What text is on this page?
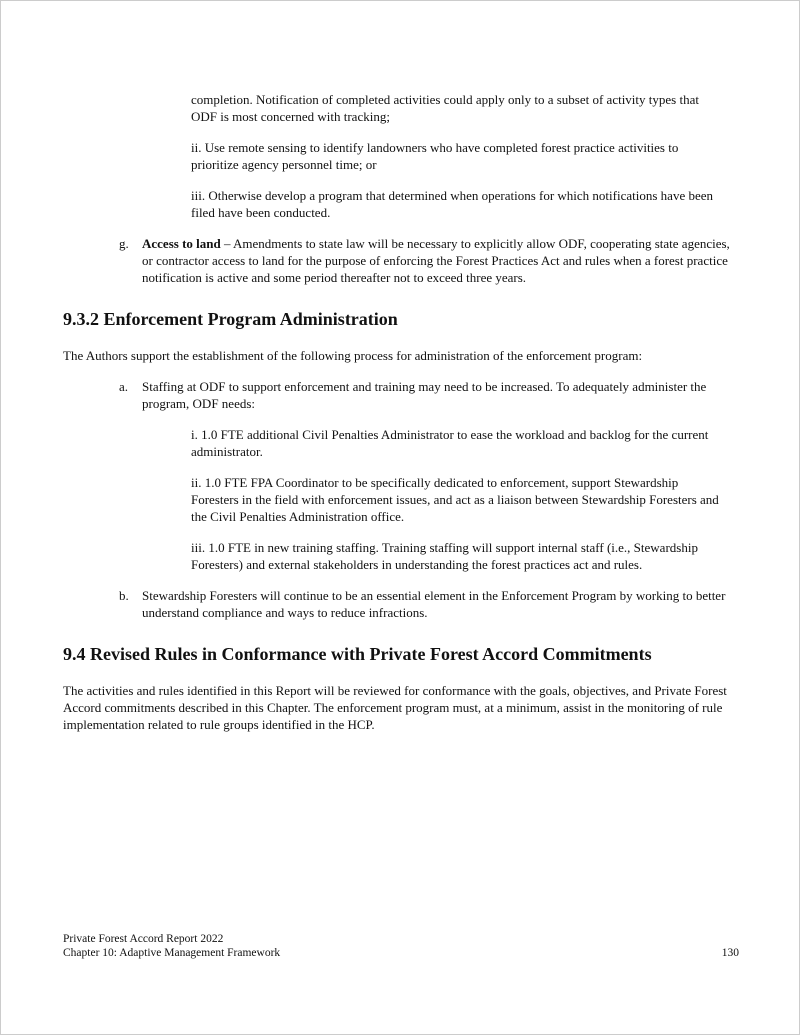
completion. Notification of completed activities could apply only to a subset of activity types that ODF is most concerned with tracking;
ii. Use remote sensing to identify landowners who have completed forest practice activities to prioritize agency personnel time; or
iii. Otherwise develop a program that determined when operations for which notifications have been filed have been conducted.
g.	Access to land – Amendments to state law will be necessary to explicitly allow ODF, cooperating state agencies, or contractor access to land for the purpose of enforcing the Forest Practices Act and rules when a forest practice notification is active and some period thereafter not to exceed three years.
9.3.2 Enforcement Program Administration
The Authors support the establishment of the following process for administration of the enforcement program:
a.	Staffing at ODF to support enforcement and training may need to be increased. To adequately administer the program, ODF needs:
i. 1.0 FTE additional Civil Penalties Administrator to ease the workload and backlog for the current administrator.
ii. 1.0 FTE FPA Coordinator to be specifically dedicated to enforcement, support Stewardship Foresters in the field with enforcement issues, and act as a liaison between Stewardship Foresters and the Civil Penalties Administration office.
iii. 1.0 FTE in new training staffing. Training staffing will support internal staff (i.e., Stewardship Foresters) and external stakeholders in understanding the forest practices act and rules.
b.	Stewardship Foresters will continue to be an essential element in the Enforcement Program by working to better understand compliance and ways to reduce infractions.
9.4 Revised Rules in Conformance with Private Forest Accord Commitments
The activities and rules identified in this Report will be reviewed for conformance with the goals, objectives, and Private Forest Accord commitments described in this Chapter. The enforcement program must, at a minimum, assist in the monitoring of rule implementation related to rule groups identified in the HCP.
Private Forest Accord Report 2022
Chapter 10: Adaptive Management Framework	130
